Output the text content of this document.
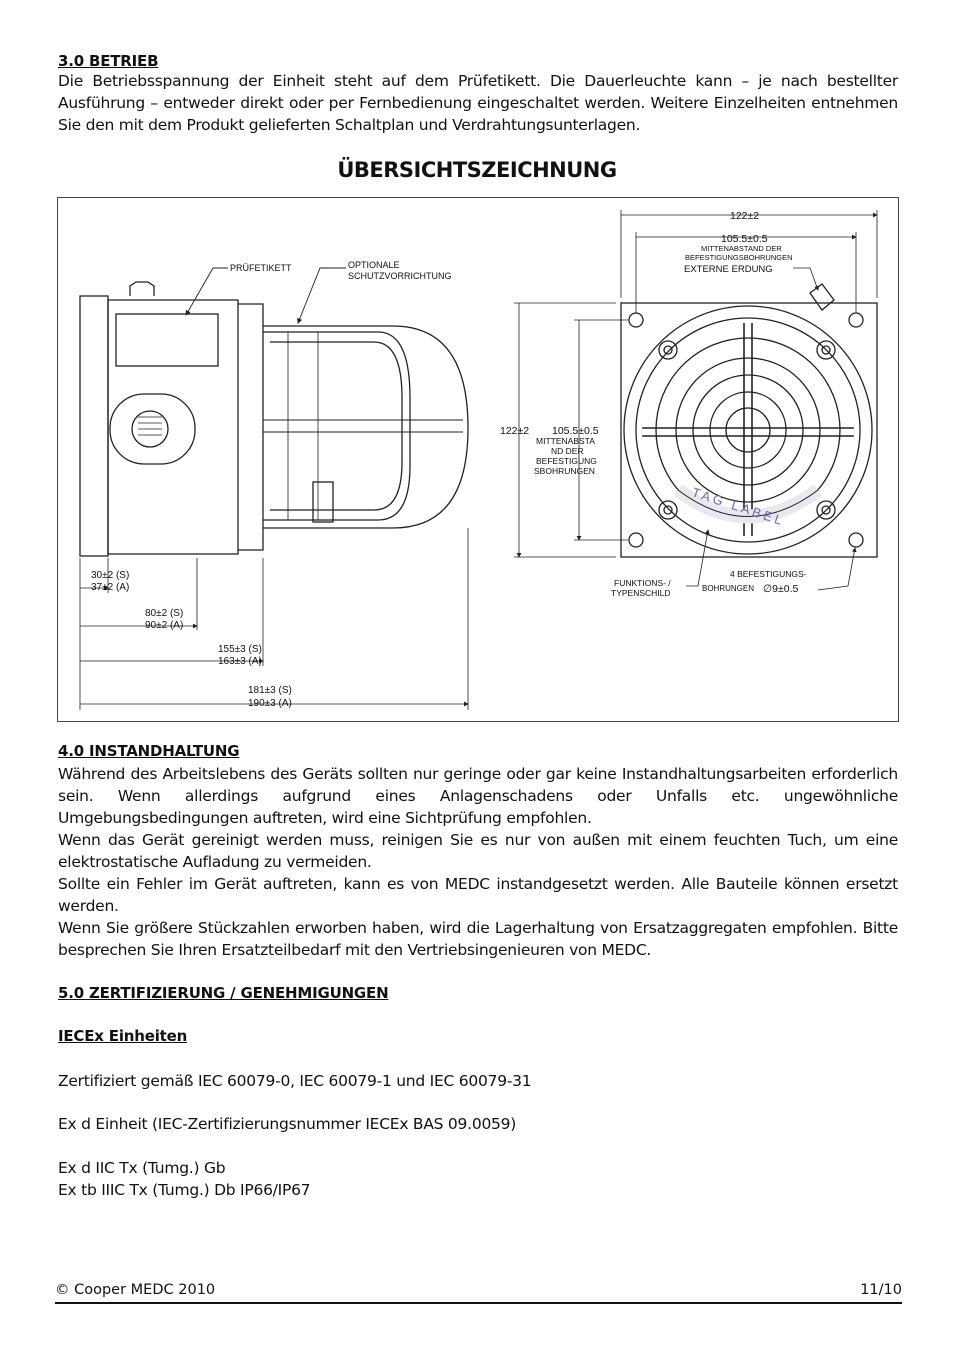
3.0 BETRIEB
Die Betriebsspannung der Einheit steht auf dem Prüfetikett. Die Dauerleuchte kann – je nach bestellter Ausführung – entweder direkt oder per Fernbedienung eingeschaltet werden. Weitere Einzelheiten entnehmen Sie den mit dem Produkt gelieferten Schaltplan und Verdrahtungsunterlagen.
ÜBERSICHTSZEICHNUNG
PRÜFETIKETT	OPTIONALE
SCHUTZVORRICHTUNG
30±2 (S)
37±2 (A)
80±2 (S)
90±2 (A)
155±3 (S)
163±3 (A)
181±3 (S)
190±3 (A)
TAG LABEL
122±2
105.5±0.5
MITTENABSTAND DER
BEFESTIGUNGSBOHRUNGEN
EXTERNE ERDUNG
122±2 105.5±0.5
MITTENABSTA
ND DER
BEFESTIGUNG
SBOHRUNGEN
FUNKTIONS- /
TYPENSCHILD
4 BEFESTIGUNGS-
BOHRUNGEN ∅9±0.5
4.0 INSTANDHALTUNG
Während des Arbeitslebens des Geräts sollten nur geringe oder gar keine Instandhaltungsarbeiten erforderlich sein. Wenn allerdings aufgrund eines Anlagenschadens oder Unfalls etc. ungewöhnliche Umgebungsbedingungen auftreten, wird eine Sichtprüfung empfohlen.
Wenn das Gerät gereinigt werden muss, reinigen Sie es nur von außen mit einem feuchten Tuch, um eine elektrostatische Aufladung zu vermeiden.
Sollte ein Fehler im Gerät auftreten, kann es von MEDC instandgesetzt werden. Alle Bauteile können ersetzt werden.
Wenn Sie größere Stückzahlen erworben haben, wird die Lagerhaltung von Ersatzaggregaten empfohlen. Bitte besprechen Sie Ihren Ersatzteilbedarf mit den Vertriebsingenieuren von MEDC.
5.0 ZERTIFIZIERUNG / GENEHMIGUNGEN
IECEx Einheiten
Zertifiziert gemäß IEC 60079-0, IEC 60079-1 und IEC 60079-31
Ex d Einheit (IEC-Zertifizierungsnummer IECEx BAS 09.0059)
Ex d IIC Tx (Tumg.) Gb
Ex tb IIIC Tx (Tumg.) Db IP66/IP67
© Cooper MEDC 2010	11/10
